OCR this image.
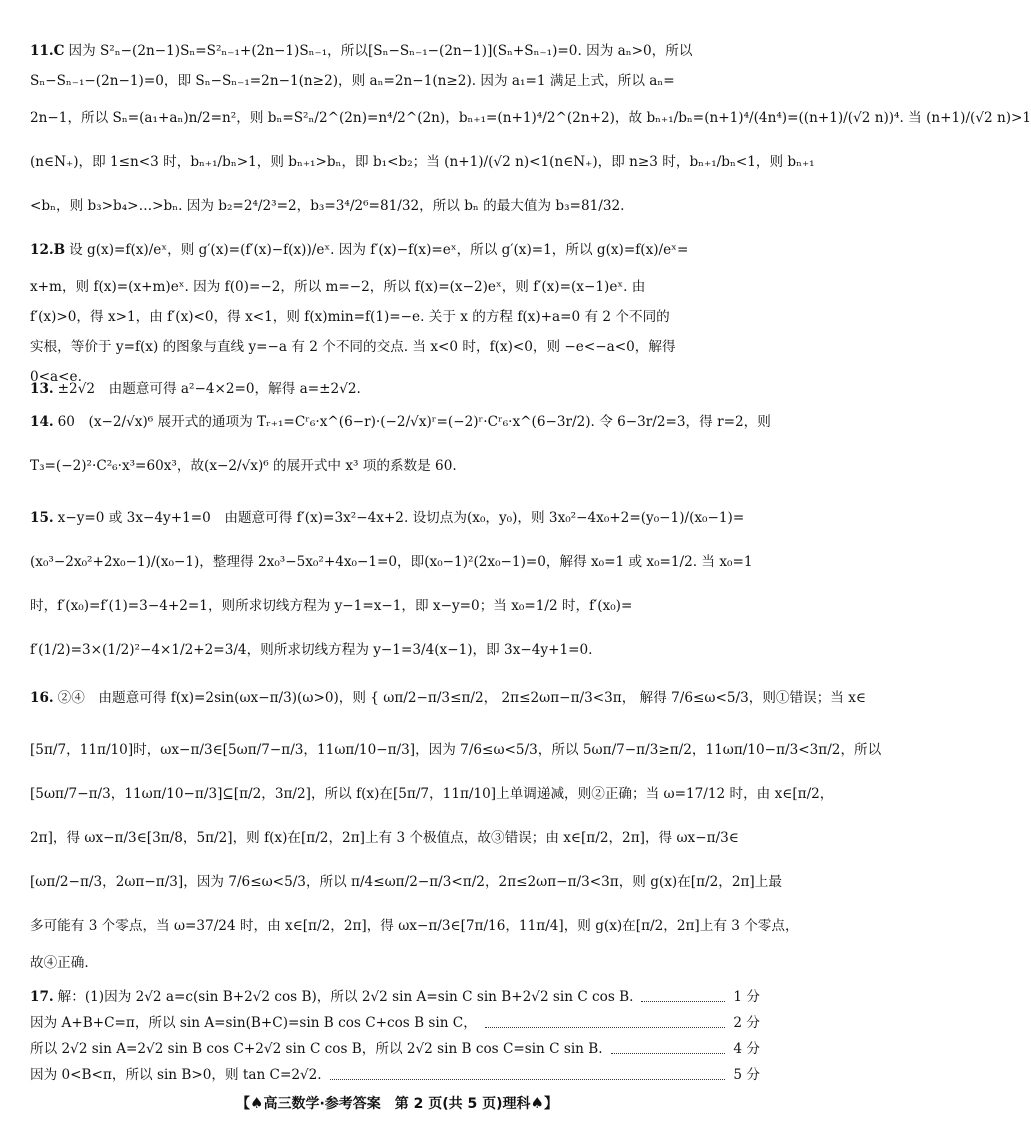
11.C 因为 S²ₙ−(2n−1)Sₙ=S²ₙ₋₁+(2n−1)Sₙ₋₁，所以[Sₙ−Sₙ₋₁−(2n−1)](Sₙ+Sₙ₋₁)=0. 因为 aₙ>0，所以
Sₙ−Sₙ₋₁−(2n−1)=0，即 Sₙ−Sₙ₋₁=2n−1(n≥2)，则 aₙ=2n−1(n≥2). 因为 a₁=1 满足上式，所以 aₙ=
2n−1，所以 Sₙ=(a₁+aₙ)n/2=n²，则 bₙ=S²ₙ/2^(2n)=n⁴/2^(2n)，bₙ₊₁=(n+1)⁴/2^(2n+2)，故 bₙ₊₁/bₙ=(n+1)⁴/(4n⁴)=((n+1)/(√2 n))⁴. 当 (n+1)/(√2 n)>1
(n∈N₊)，即 1≤n<3 时，bₙ₊₁/bₙ>1，则 bₙ₊₁>bₙ，即 b₁<b₂；当 (n+1)/(√2 n)<1(n∈N₊)，即 n≥3 时，bₙ₊₁/bₙ<1，则 bₙ₊₁
<bₙ，则 b₃>b₄>…>bₙ. 因为 b₂=2⁴/2³=2，b₃=3⁴/2⁶=81/32，所以 bₙ 的最大值为 b₃=81/32.
12.B 设 g(x)=f(x)/eˣ，则 g′(x)=(f′(x)−f(x))/eˣ. 因为 f′(x)−f(x)=eˣ，所以 g′(x)=1，所以 g(x)=f(x)/eˣ=
x+m，则 f(x)=(x+m)eˣ. 因为 f(0)=−2，所以 m=−2，所以 f(x)=(x−2)eˣ，则 f′(x)=(x−1)eˣ. 由
f′(x)>0，得 x>1，由 f′(x)<0，得 x<1，则 f(x)min=f(1)=−e. 关于 x 的方程 f(x)+a=0 有 2 个不同的
实根，等价于 y=f(x) 的图象与直线 y=−a 有 2 个不同的交点. 当 x<0 时，f(x)<0，则 −e<−a<0，解得
0<a<e.
13. ±2√2　由题意可得 a²−4×2=0，解得 a=±2√2.
14. 60　(x−2/√x)⁶ 展开式的通项为 Tᵣ₊₁=Cʳ₆·x^(6−r)·(−2/√x)ʳ=(−2)ʳ·Cʳ₆·x^(6−3r/2). 令 6−3r/2=3，得 r=2，则
T₃=(−2)²·C²₆·x³=60x³，故(x−2/√x)⁶ 的展开式中 x³ 项的系数是 60.
15. x−y=0 或 3x−4y+1=0　由题意可得 f′(x)=3x²−4x+2. 设切点为(x₀，y₀)，则 3x₀²−4x₀+2=(y₀−1)/(x₀−1)=
(x₀³−2x₀²+2x₀−1)/(x₀−1)，整理得 2x₀³−5x₀²+4x₀−1=0，即(x₀−1)²(2x₀−1)=0，解得 x₀=1 或 x₀=1/2. 当 x₀=1
时，f′(x₀)=f′(1)=3−4+2=1，则所求切线方程为 y−1=x−1，即 x−y=0；当 x₀=1/2 时，f′(x₀)=
f′(1/2)=3×(1/2)²−4×1/2+2=3/4，则所求切线方程为 y−1=3/4(x−1)，即 3x−4y+1=0.
16. ②④　由题意可得 f(x)=2sin(ωx−π/3)(ω>0)，则 { ωπ/2−π/3≤π/2， 2π≤2ωπ−π/3<3π， 解得 7/6≤ω<5/3，则①错误；当 x∈
[5π/7，11π/10]时，ωx−π/3∈[5ωπ/7−π/3，11ωπ/10−π/3]，因为 7/6≤ω<5/3，所以 5ωπ/7−π/3≥π/2，11ωπ/10−π/3<3π/2，所以
[5ωπ/7−π/3，11ωπ/10−π/3]⊆[π/2，3π/2]，所以 f(x)在[5π/7，11π/10]上单调递减，则②正确；当 ω=17/12 时，由 x∈[π/2，
2π]，得 ωx−π/3∈[3π/8，5π/2]，则 f(x)在[π/2，2π]上有 3 个极值点，故③错误；由 x∈[π/2，2π]，得 ωx−π/3∈
[ωπ/2−π/3，2ωπ−π/3]，因为 7/6≤ω<5/3，所以 π/4≤ωπ/2−π/3<π/2，2π≤2ωπ−π/3<3π，则 g(x)在[π/2，2π]上最
多可能有 3 个零点，当 ω=37/24 时，由 x∈[π/2，2π]，得 ωx−π/3∈[7π/16，11π/4]，则 g(x)在[π/2，2π]上有 3 个零点，
故④正确.
17. 解：(1)因为 2√2 a=c(sin B+2√2 cos B)，所以 2√2 sin A=sin C sin B+2√2 sin C cos B.	1 分
因为 A+B+C=π，所以 sin A=sin(B+C)=sin B cos C+cos B sin C，	2 分
所以 2√2 sin A=2√2 sin B cos C+2√2 sin C cos B，所以 2√2 sin B cos C=sin C sin B.	4 分
因为 0<B<π，所以 sin B>0，则 tan C=2√2.	5 分
【♠高三数学·参考答案　第 2 页(共 5 页)理科♠】
